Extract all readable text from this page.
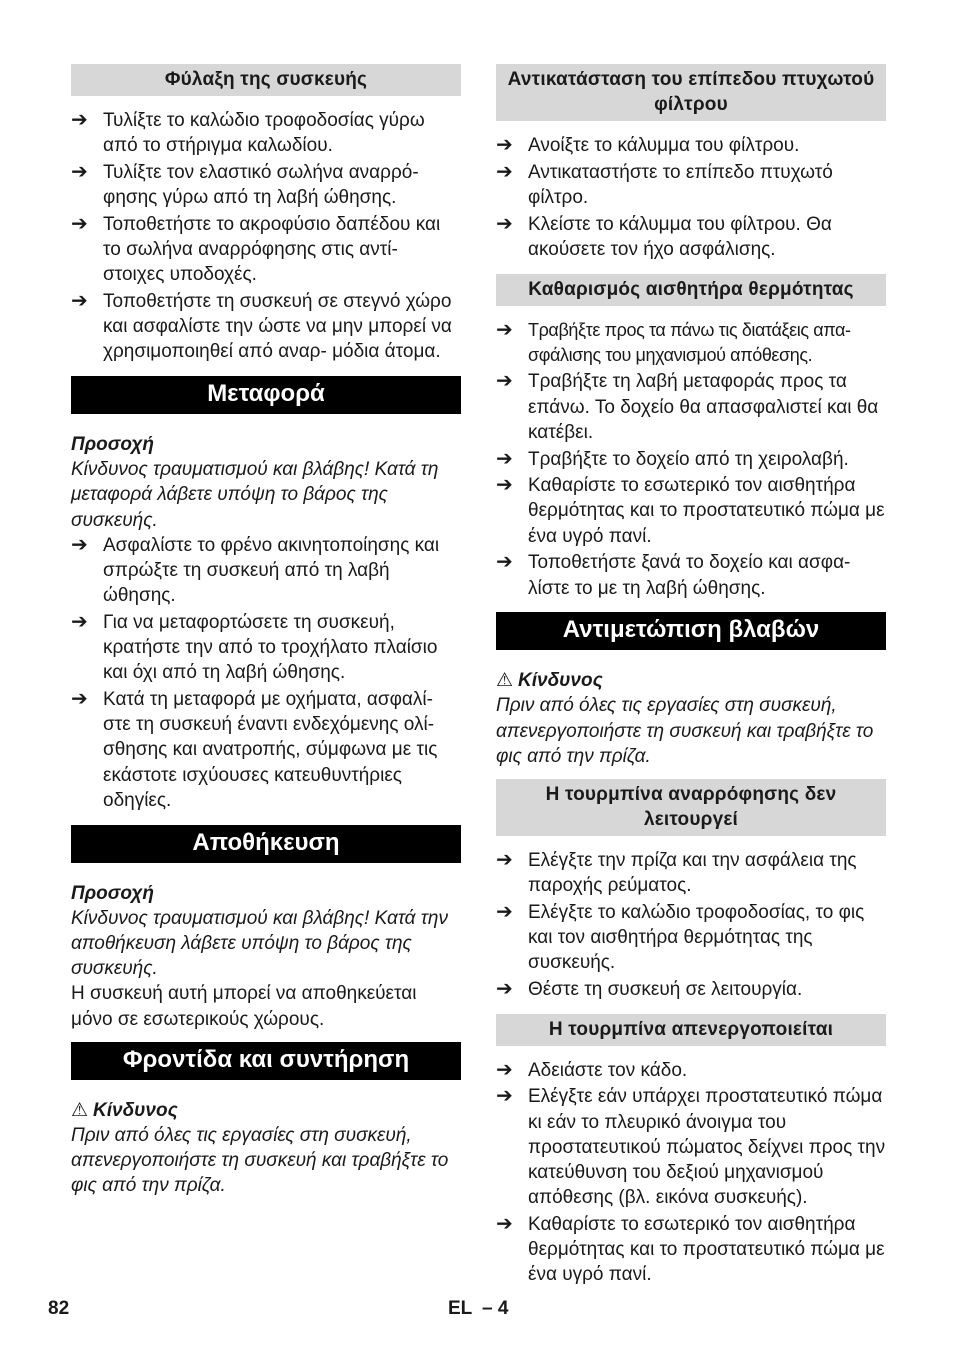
Φύλαξη της συσκευής
➔ Τυλίξτε το καλώδιο τροφοδοσίας γύρω από το στήριγμα καλωδίου.
➔ Τυλίξτε τον ελαστικό σωλήνα αναρρό- φησης γύρω από τη λαβή ώθησης.
➔ Τοποθετήστε το ακροφύσιο δαπέδου και το σωλήνα αναρρόφησης στις αντί- στοιχες υποδοχές.
➔ Τοποθετήστε τη συσκευή σε στεγνό χώρο και ασφαλίστε την ώστε να μην μπορεί να χρησιμοποιηθεί από αναρ- μόδια άτομα.
Μεταφορά
Προσοχή
Κίνδυνος τραυματισμού και βλάβης! Κατά τη μεταφορά λάβετε υπόψη το βάρος της συσκευής.
➔ Ασφαλίστε το φρένο ακινητοποίησης και σπρώξτε τη συσκευή από τη λαβή ώθησης.
➔ Για να μεταφορτώσετε τη συσκευή, κρατήστε την από το τροχήλατο πλαίσιο και όχι από τη λαβή ώθησης.
➔ Κατά τη μεταφορά με οχήματα, ασφαλί- στε τη συσκευή έναντι ενδεχόμενης ολί- σθησης και ανατροπής, σύμφωνα με τις εκάστοτε ισχύουσες κατευθυντήριες οδηγίες.
Αποθήκευση
Προσοχή
Κίνδυνος τραυματισμού και βλάβης! Κατά την αποθήκευση λάβετε υπόψη το βάρος της συσκευής.
Η συσκευή αυτή μπορεί να αποθηκεύεται μόνο σε εσωτερικούς χώρους.
Φροντίδα και συντήρηση
⚠ Κίνδυνος
Πριν από όλες τις εργασίες στη συσκευή, απενεργοποιήστε τη συσκευή και τραβήξτε το φις από την πρίζα.
Αντικατάσταση του επίπεδου πτυχωτού φίλτρου
➔ Ανοίξτε το κάλυμμα του φίλτρου.
➔ Αντικαταστήστε το επίπεδο πτυχωτό φίλτρο.
➔ Κλείστε το κάλυμμα του φίλτρου. Θα ακούσετε τον ήχο ασφάλισης.
Καθαρισμός αισθητήρα θερμότητας
➔ Τραβήξτε προς τα πάνω τις διατάξεις απα- σφάλισης του μηχανισμού απόθεσης.
➔ Τραβήξτε τη λαβή μεταφοράς προς τα επάνω. Το δοχείο θα απασφαλιστεί και θα κατέβει.
➔ Τραβήξτε το δοχείο από τη χειρολαβή.
➔ Καθαρίστε το εσωτερικό τον αισθητήρα θερμότητας και το προστατευτικό πώμα με ένα υγρό πανί.
➔ Τοποθετήστε ξανά το δοχείο και ασφα- λίστε το με τη λαβή ώθησης.
Αντιμετώπιση βλαβών
⚠ Κίνδυνος
Πριν από όλες τις εργασίες στη συσκευή, απενεργοποιήστε τη συσκευή και τραβήξτε το φις από την πρίζα.
Η τουρμπίνα αναρρόφησης δεν λειτουργεί
➔ Ελέγξτε την πρίζα και την ασφάλεια της παροχής ρεύματος.
➔ Ελέγξτε το καλώδιο τροφοδοσίας, το φις και τον αισθητήρα θερμότητας της συσκευής.
➔ Θέστε τη συσκευή σε λειτουργία.
Η τουρμπίνα απενεργοποιείται
➔ Αδειάστε τον κάδο.
➔ Ελέγξτε εάν υπάρχει προστατευτικό πώμα κι εάν το πλευρικό άνοιγμα του προστατευτικού πώματος δείχνει προς την κατεύθυνση του δεξιού μηχανισμού απόθεσης (βλ. εικόνα συσκευής).
➔ Καθαρίστε το εσωτερικό τον αισθητήρα θερμότητας και το προστατευτικό πώμα με ένα υγρό πανί.
82	EL – 4
